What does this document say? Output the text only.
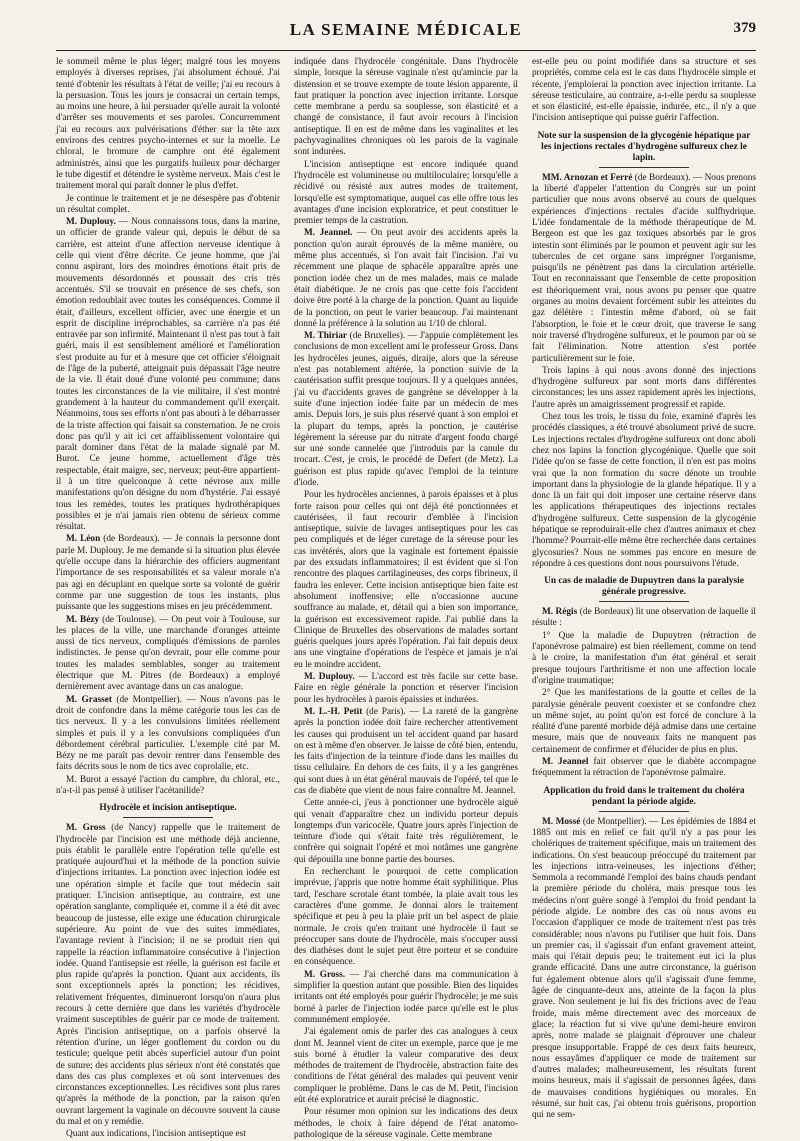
LA SEMAINE MÉDICALE	379

le sommeil même le plus léger; malgré tous les moyens employés à diverses reprises, j'ai absolument échoué. J'ai tenté d'obtenir les résultats à l'état de veille; j'ai eu recours à la persuasion. Tous les jours je consacrai un certain temps, au moins une heure, à lui persuader qu'elle aurait la volonté d'arrêter ses mouvements et ses paroles. Concurremment j'ai eu recours aux pulvérisations d'éther sur la tête aux environs des centres psycho-internes et sur la moelle. Le chloral, le bromure de camphre ont été également administrés, ainsi que les purgatifs huileux pour décharger le tube digestif et détendre le système nerveux. Mais c'est le traitement moral qui paraît donner le plus d'effet.

Je continue le traitement et je ne désespère pas d'obtenir un résultat complet.

M. Duplouy. — Nous connaissons tous, dans la marine, un officier de grande valeur qui, depuis le début de sa carrière, est atteint d'une affection nerveuse identique à celle qui vient d'être décrite. Ce jeune homme, que j'ai connu aspirant, lors des moindres émotions était pris de mouvements désordonnés et poussait des cris très accentués. S'il se trouvait en présence de ses chefs, son émotion redoublait avec toutes les conséquences. Comme il était, d'ailleurs, excellent officier, avec une énergie et un esprit de discipline irréprochables, sa carrière n'a pas été entravée par son infirmité. Maintenant il n'est pas tout à fait guéri, mais il est sensiblement amélioré et l'amélioration s'est produite au fur et à mesure que cet officier s'éloignait de l'âge de la puberté, atteignait puis dépassait l'âge neutre de la vie. Il était doué d'une volonté peu commune; dans toutes les circonstances de la vie militaire, il s'est montré grandement à la hauteur du commandement qu'il exerçait. Néanmoins, tous ses efforts n'ont pas abouti à le débarrasser de la triste affection qui faisait sa consternation. Je ne crois donc pas qu'il y ait ici cet affaiblissement volontaire qui paraît dominer dans l'état de la malade signalé par M. Burot. Ce jeune homme, actuellement d'âge très respectable, était maigre, sec, nerveux; peut-être appartient-il à un titre quelconque à cette névrose aux mille manifestations qu'on désigne du nom d'hystérie. J'ai essayé tous les remèdes, toutes les pratiques hydrothérapiques possibles et je n'ai jamais rien obtenu de sérieux comme résultat.

M. Léon (de Bordeaux). — Je connais la personne dont parle M. Duplouy. Je me demande si la situation plus élevée qu'elle occupe dans la hiérarchie des officiers augmentant l'importance de ses responsabilités et sa valeur morale n'a pas agi en décuplant en quelque sorte sa volonté de guérir comme par une suggestion de tous les instants, plus puissante que les suggestions mises en jeu précédemment.

M. Bézy (de Toulouse). — On peut voir à Toulouse, sur les places de la ville, une marchande d'oranges atteinte aussi de tics nerveux, compliqués d'émissions de paroles indistinctes. Je pense qu'on devrait, pour elle comme pour toutes les malades semblables, songer au traitement électrique que M. Pitres (de Bordeaux) a employé dernièrement avec avantage dans un cas analogue.

M. Grasset (de Montpellier). — Nous n'avons pas le droit de confondre dans la même catégorie tous les cas de tics nerveux. Il y a les convulsions limitées réellement simples et puis il y a les convulsions compliquées d'un débordement cérébral particulier. L'exemple cité par M. Bézy ne me paraît pas devoir rentrer dans l'ensemble des faits décrits sous le nom de tics avec coprolalie, etc.

M. Burot a essayé l'action du camphre, du chloral, etc., n'a-t-il pas pensé à utiliser l'acétanilide?

Hydrocèle et incision antiseptique.

M. Gross (de Nancy) rappelle que le traitement de l'hydrocèle par l'incision est une méthode déjà ancienne, puis établit le parallèle entre l'opération telle qu'elle est pratiquée aujourd'hui et la méthode de la ponction suivie d'injections irritantes. La ponction avec injection iodée est une opération simple et facile que tout médecin sait pratiquer. L'incision antiseptique, au contraire, est une opération sanglante, compliquée et, comme il a été dit avec beaucoup de justesse, elle exige une éducation chirurgicale supérieure. Au point de vue des suites immédiates, l'avantage revient à l'incision; il ne se produit rien qui rappelle la réaction inflammatoire consécutive à l'injection iodée. Quand l'antisepsie est réelle, la guérison est facile et plus rapide qu'après la ponction. Quant aux accidents, ils sont exceptionnels après la ponction; les récidives, relativement fréquentes, diminueront lorsqu'on n'aura plus recours à cette dernière que dans les variétés d'hydrocèle vraiment susceptibles de guérir par ce mode de traitement. Après l'incision antiseptique, on a parfois observé la rétention d'urine, un léger gonflement du cordon ou du testicule; quelque petit abcès superficiel autour d'un point de suture; des accidents plus sérieux n'ont été constatés que dans des cas plus complexes et où sont intervenues des circonstances exceptionnelles. Les récidives sont plus rares qu'après la méthode de la ponction, par la raison qu'en ouvrant largement la vaginale on découvre souvent la cause du mal et on y remédie.

Quant aux indications, l'incision antiseptique est

indiquée dans l'hydrocèle congénitale. Dans l'hydrocèle simple, lorsque la séreuse vaginale n'est qu'amincie par la distension et se trouve exempte de toute lésion apparente, il faut pratiquer la ponction avec injection irritante. Lorsque cette membrane a perdu sa souplesse, son élasticité et a changé de consistance, il faut avoir recours à l'incision antiseptique. Il en est de même dans les vaginalites et les pachyvaginalites chroniques où les parois de la vaginale sont indurées.

L'incision antiseptique est encore indiquée quand l'hydrocèle est volumineuse ou multiloculaire; lorsqu'elle a récidivé ou résisté aux autres modes de traitement, lorsqu'elle est symptomatique, auquel cas elle offre tous les avantages d'une incision exploratrice, et peut constituer le premier temps de la castration.

M. Jeannel. — On peut avoir des accidents après la ponction qu'on aurait éprouvés de la même manière, ou même plus accentués, si l'on avait fait l'incision. J'ai vu récemment une plaque de sphacèle apparaître après une ponction iodée chez un de mes malades, mais ce malade était diabétique. Je ne crois pas que cette fois l'accident doive être porté à la charge de la ponction. Quant au liquide de la ponction, on peut le varier beaucoup. J'ai maintenant donné la préférence à la solution au 1/10 de chloral.

M. Thiriar (de Bruxelles). — J'appuie complètement les conclusions de mon excellent ami le professeur Gross. Dans les hydrocèles jeunes, aiguës, diraije, alors que la séreuse n'est pas notablement altérée, la ponction suivie de la cautérisation suffit presque toujours. Il y a quelques années, j'ai vu d'accidents graves de gangrène se développer à la suite d'une injection iodée faite par un médecin de mes amis. Depuis lors, je suis plus réservé quant à son emploi et la plupart du temps, après la ponction, je cautérise légèrement la séreuse par du nitrate d'argent fondu chargé sur une sonde cannelée que j'introduis par la canule du trocart. C'est, je crois, le procédé de Defert (de Metz). La guérison est plus rapide qu'avec l'emploi de la teinture d'iode.

Pour les hydrocèles anciennes, à parois épaisses et à plus forte raison pour celles qui ont déjà été ponctionnées et cautérisées, il faut recourir d'emblée à l'incision antiseptique, suivie de lavages antiseptiques pour les cas peu compliqués et de léger curetage de la séreuse pour les cas invétérés, alors que la vaginale est fortement épaissie par des exsudats inflammatoires; il est évident que si l'on rencontre des plaques cartilagineuses, des corps fibrineux, il faudra les enlever. Cette incision antiseptique bien faite est absolument inoffensive; elle n'occasionne aucune souffrance au malade, et, détail qui a bien son importance, la guérison est excessivement rapide. J'ai publié dans la Clinique de Bruxelles des observations de malades sortant guéris quelques jours après l'opération. J'ai fait depuis deux ans une vingtaine d'opérations de l'espèce et jamais je n'ai eu le moindre accident.

M. Duplouy. — L'accord est très facile sur cette base. Faire en règle générale la ponction et réserver l'incision pour les hydrocèles à parois épaissies et indurées.

M. L.-H. Petit (de Paris). — La rareté de la gangrène après la ponction iodée doit faire rechercher attentivement les causes qui produisent un tel accident quand par hasard on est à même d'en observer. Je laisse de côté bien, entendu, les faits d'injection de la teinture d'iode dans les mailles du tissu cellulaire. En dehors de ces faits, il y a les gangrènes qui sont dues à un état général mauvais de l'opéré, tel que le cas de diabète que vient de nous faire connaître M. Jeannel.

Cette année-ci, j'eus à ponctionner une hydrocèle aiguë qui venait d'apparaître chez un individu porteur depuis longtemps d'un varicocèle. Quatre jours après l'injection de teinture d'iode qui s'était faite très régulièrement, le confrère qui soignait l'opéré et moi notâmes une gangrène qui dépouilla une bonne partie des bourses.

En recherchant le pourquoi de cette complication imprévue, j'appris que notre homme était syphilitique. Plus tard, l'eschare scrotale étant tombée, la plaie avait tous les caractères d'une gomme. Je donnai alors le traitement spécifique et peu à peu la plaie prit un bel aspect de plaie normale. Je crois qu'en traitant une hydrocèle il faut se préoccuper sans doute de l'hydrocèle, mais s'occuper aussi des diathèses dont le sujet peut être porteur et se conduire en conséquence.

M. Gross. — J'ai cherché dans ma communication à simplifier la question autant que possible. Bien des liquides irritants ont été employés pour guérir l'hydrocèle; je me suis borné à parler de l'injection iodée parce qu'elle est le plus communément employée.

J'ai également omis de parler des cas analogues à ceux dont M. Jeannel vient de citer un exemple, parce que je me suis borné à étudier la valeur comparative des deux méthodes de traitement de l'hydrocèle, abstraction faite des conditions de l'état général des malades qui peuvent venir compliquer le problème. Dans le cas de M. Petit, l'incision eût été exploratrice et aurait précisé le diagnostic.

Pour résumer mon opinion sur les indications des deux méthodes, le choix à faire dépend de l'état anatomo-pathologique de la séreuse vaginale. Cette membrane

est-elle peu ou point modifiée dans sa structure et ses propriétés, comme cela est le cas dans l'hydrocèle simple et récente, j'emploierai la ponction avec injection irritante. La séreuse testiculaire, au contraire, a-t-elle perdu sa souplesse et son élasticité, est-elle épaissie, indurée, etc., il n'y a que l'incision antiseptique qui puisse guérir l'affection.

Note sur la suspension de la glycogénie hépatique par les injections rectales d'hydrogène sulfureux chez le lapin.

MM. Arnozan et Ferré (de Bordeaux). — Nous prenons la liberté d'appeler l'attention du Congrès sur un point particulier que nous avons observé au cours de quelques expériences d'injections rectales d'acide sulfhydrique. L'idée fondamentale de la méthode thérapeutique de M. Bergeon est que les gaz toxiques absorbés par le gros intestin sont éliminés par le poumon et peuvent agir sur les tubercules de cet organe sans imprégner l'organisme, puisqu'ils ne pénètrent pas dans la circulation artérielle. Tout en reconnaissant que l'ensemble de cette proposition est théoriquement vrai, nous avons pu penser que quatre organes au moins devaient forcément subir les atteintes du gaz délétère : l'intestin même d'abord, où se fait l'absorption, le foie et le cœur droit, que traverse le sang noir traversé d'hydrogène sulfureux, et le poumon par où se fait l'élimination. Notre attention s'est portée particulièrement sur le foie.

Trois lapins à qui nous avons donné des injections d'hydrogène sulfureux par sont morts dans différentes circonstances; les uns assez rapidement après les injections, l'autre après un amaigrissement progressif et rapide.

Chez tous les trois, le tissu du foie, examiné d'après les procédés classiques, a été trouvé absolument privé de sucre. Les injections rectales d'hydrogène sulfureux ont donc aboli chez nos lapins la fonction glycogénique. Quelle que soit l'idée qu'on se fasse de cette fonction, il n'en est pas moins vrai que la non formation du sucre dénote un trouble important dans la physiologie de la glande hépatique. Il y a donc là un fait qui doit imposer une certaine réserve dans les applications thérapeutiques des injections rectales d'hydrogène sulfureux. Cette suspension de la glycogénie hépatique se reproduirait-elle chez d'autres animaux et chez l'homme? Pourrait-elle même être recherchée dans certaines glycosuries? Nous ne sommes pas encore en mesure de répondre à ces questions dont nous poursuivons l'étude.

Un cas de maladie de Dupuytren dans la paralysie générale progressive.

M. Régis (de Bordeaux) lit une observation de laquelle il résulte :

1° Que la maladie de Dupuytren (rétraction de l'aponévrose palmaire) est bien réellement, comme on tend à le croire, la manifestation d'un état général et serait presque toujours l'arthritisme et non une affection locale d'origine traumatique;

2° Que les manifestations de la goutte et celles de la paralysie générale peuvent coexister et se confondre chez un même sujet, au point qu'on est forcé de conclure à la réalité d'une parenté morbide déjà admise dans une certaine mesure, mais que de nouveaux faits ne manquent pas certainement de confirmer et d'élucider de plus en plus.

M. Jeannel fait observer que le diabète accompagne fréquemment la rétraction de l'aponévrose palmaire.

Application du froid dans le traitement du choléra pendant la période algide.

M. Mossé (de Montpellier). — Les épidémies de 1884 et 1885 ont mis en relief ce fait qu'il n'y a pas pour les cholériques de traitement spécifique, mais un traitement des indications. On s'est beaucoup préoccupé du traitement par les injections intra-veineuses, les injections d'éther; Semmola a recommandé l'emploi des bains chauds pendant la première période du choléra, mais presque tous les médecins n'ont guère songé à l'emploi du froid pendant la période algide. Le nombre des cas où nous avons eu l'occasion d'appliquer ce mode de traitement n'est pas très considérable; nous n'avons pu l'utiliser que huit fois. Dans un premier cas, il s'agissait d'un enfant gravement atteint, mais qui l'était depuis peu; le traitement eut ici la plus grande efficacité. Dans une autre circonstance, la guérison fut également obtenue alors qu'il s'agissait d'une femme, âgée de cinquante-deux ans, atteinte de la façon la plus grave. Non seulement je lui fis des frictions avec de l'eau froide, mais même directement avec des morceaux de glace; la réaction fut si vive qu'une demi-heure environ après, notre malade se plaignait d'éprouver une chaleur presque insupportable. Frappé de ces deux faits heureux, nous essayâmes d'appliquer ce mode de traitement sur d'autres malades; malheureusement, les résultats furent moins heureux, mais il s'agissait de personnes âgées, dans de mauvaises conditions hygiéniques ou morales. En résumé, sur huit cas, j'ai obtenu trois guérisons, proportion qui ne sem-
